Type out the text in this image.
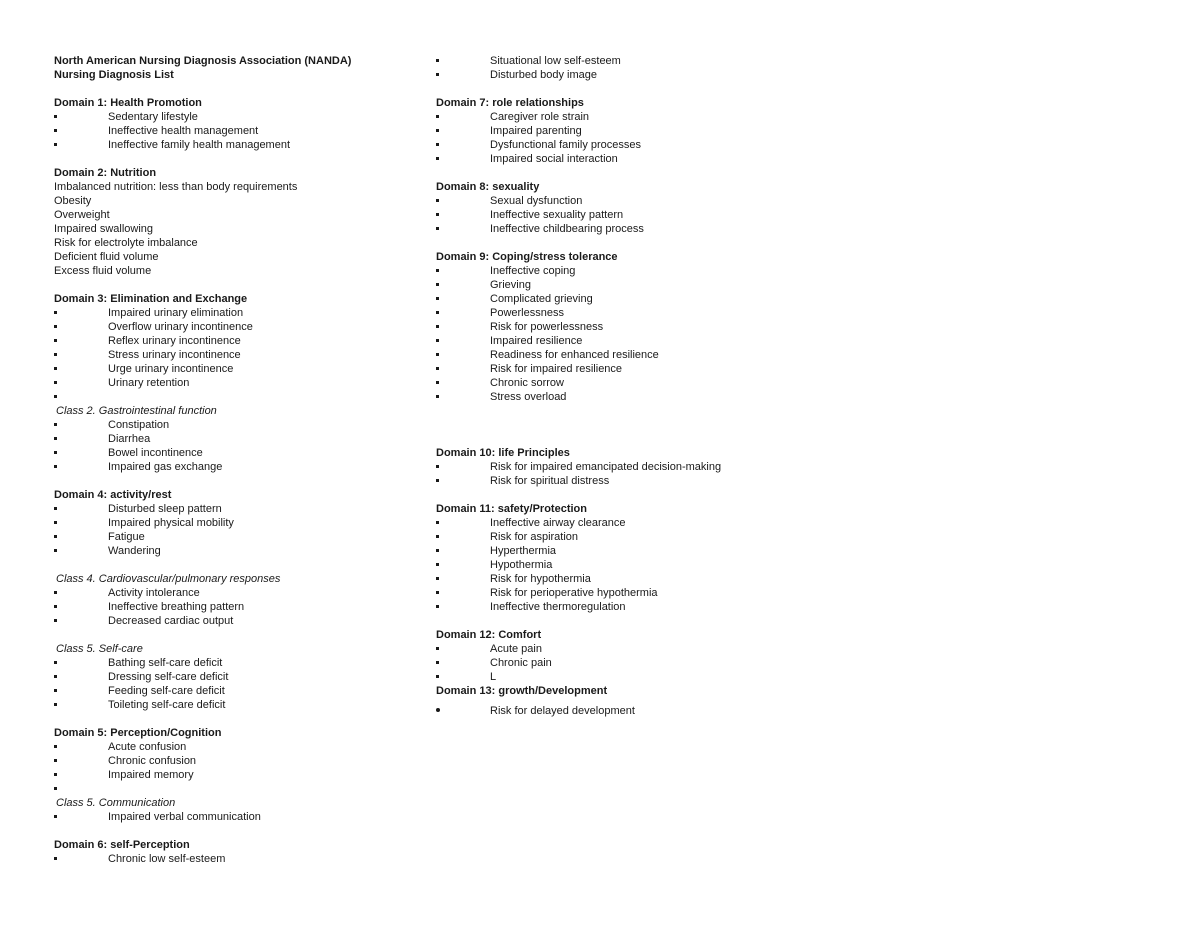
North American Nursing Diagnosis Association (NANDA)
Nursing Diagnosis List
Domain 1: Health Promotion
Sedentary lifestyle
Ineffective health management
Ineffective family health management
Domain 2: Nutrition
Imbalanced nutrition: less than body requirements
Obesity
Overweight
Impaired swallowing
Risk for electrolyte imbalance
Deficient fluid volume
Excess fluid volume
Domain 3: Elimination and Exchange
Impaired urinary elimination
Overflow urinary incontinence
Reflex urinary incontinence
Stress urinary incontinence
Urge urinary incontinence
Urinary retention
Class 2. Gastrointestinal function
Constipation
Diarrhea
Bowel incontinence
Impaired gas exchange
Domain 4: activity/rest
Disturbed sleep pattern
Impaired physical mobility
Fatigue
Wandering
Class 4. Cardiovascular/pulmonary responses
Activity intolerance
Ineffective breathing pattern
Decreased cardiac output
Class 5. Self-care
Bathing self-care deficit
Dressing self-care deficit
Feeding self-care deficit
Toileting self-care deficit
Domain 5: Perception/Cognition
Acute confusion
Chronic confusion
Impaired memory
Class 5. Communication
Impaired verbal communication
Domain 6: self-Perception
Chronic low self-esteem
Situational low self-esteem
Disturbed body image
Domain 7: role relationships
Caregiver role strain
Impaired parenting
Dysfunctional family processes
Impaired social interaction
Domain 8: sexuality
Sexual dysfunction
Ineffective sexuality pattern
Ineffective childbearing process
Domain 9: Coping/stress tolerance
Ineffective coping
Grieving
Complicated grieving
Powerlessness
Risk for powerlessness
Impaired resilience
Readiness for enhanced resilience
Risk for impaired resilience
Chronic sorrow
Stress overload
Domain 10: life Principles
Risk for impaired emancipated decision-making
Risk for spiritual distress
Domain 11: safety/Protection
Ineffective airway clearance
Risk for aspiration
Hyperthermia
Hypothermia
Risk for hypothermia
Risk for perioperative hypothermia
Ineffective thermoregulation
Domain 12: Comfort
Acute pain
Chronic pain
L
Domain 13: growth/Development
Risk for delayed development
